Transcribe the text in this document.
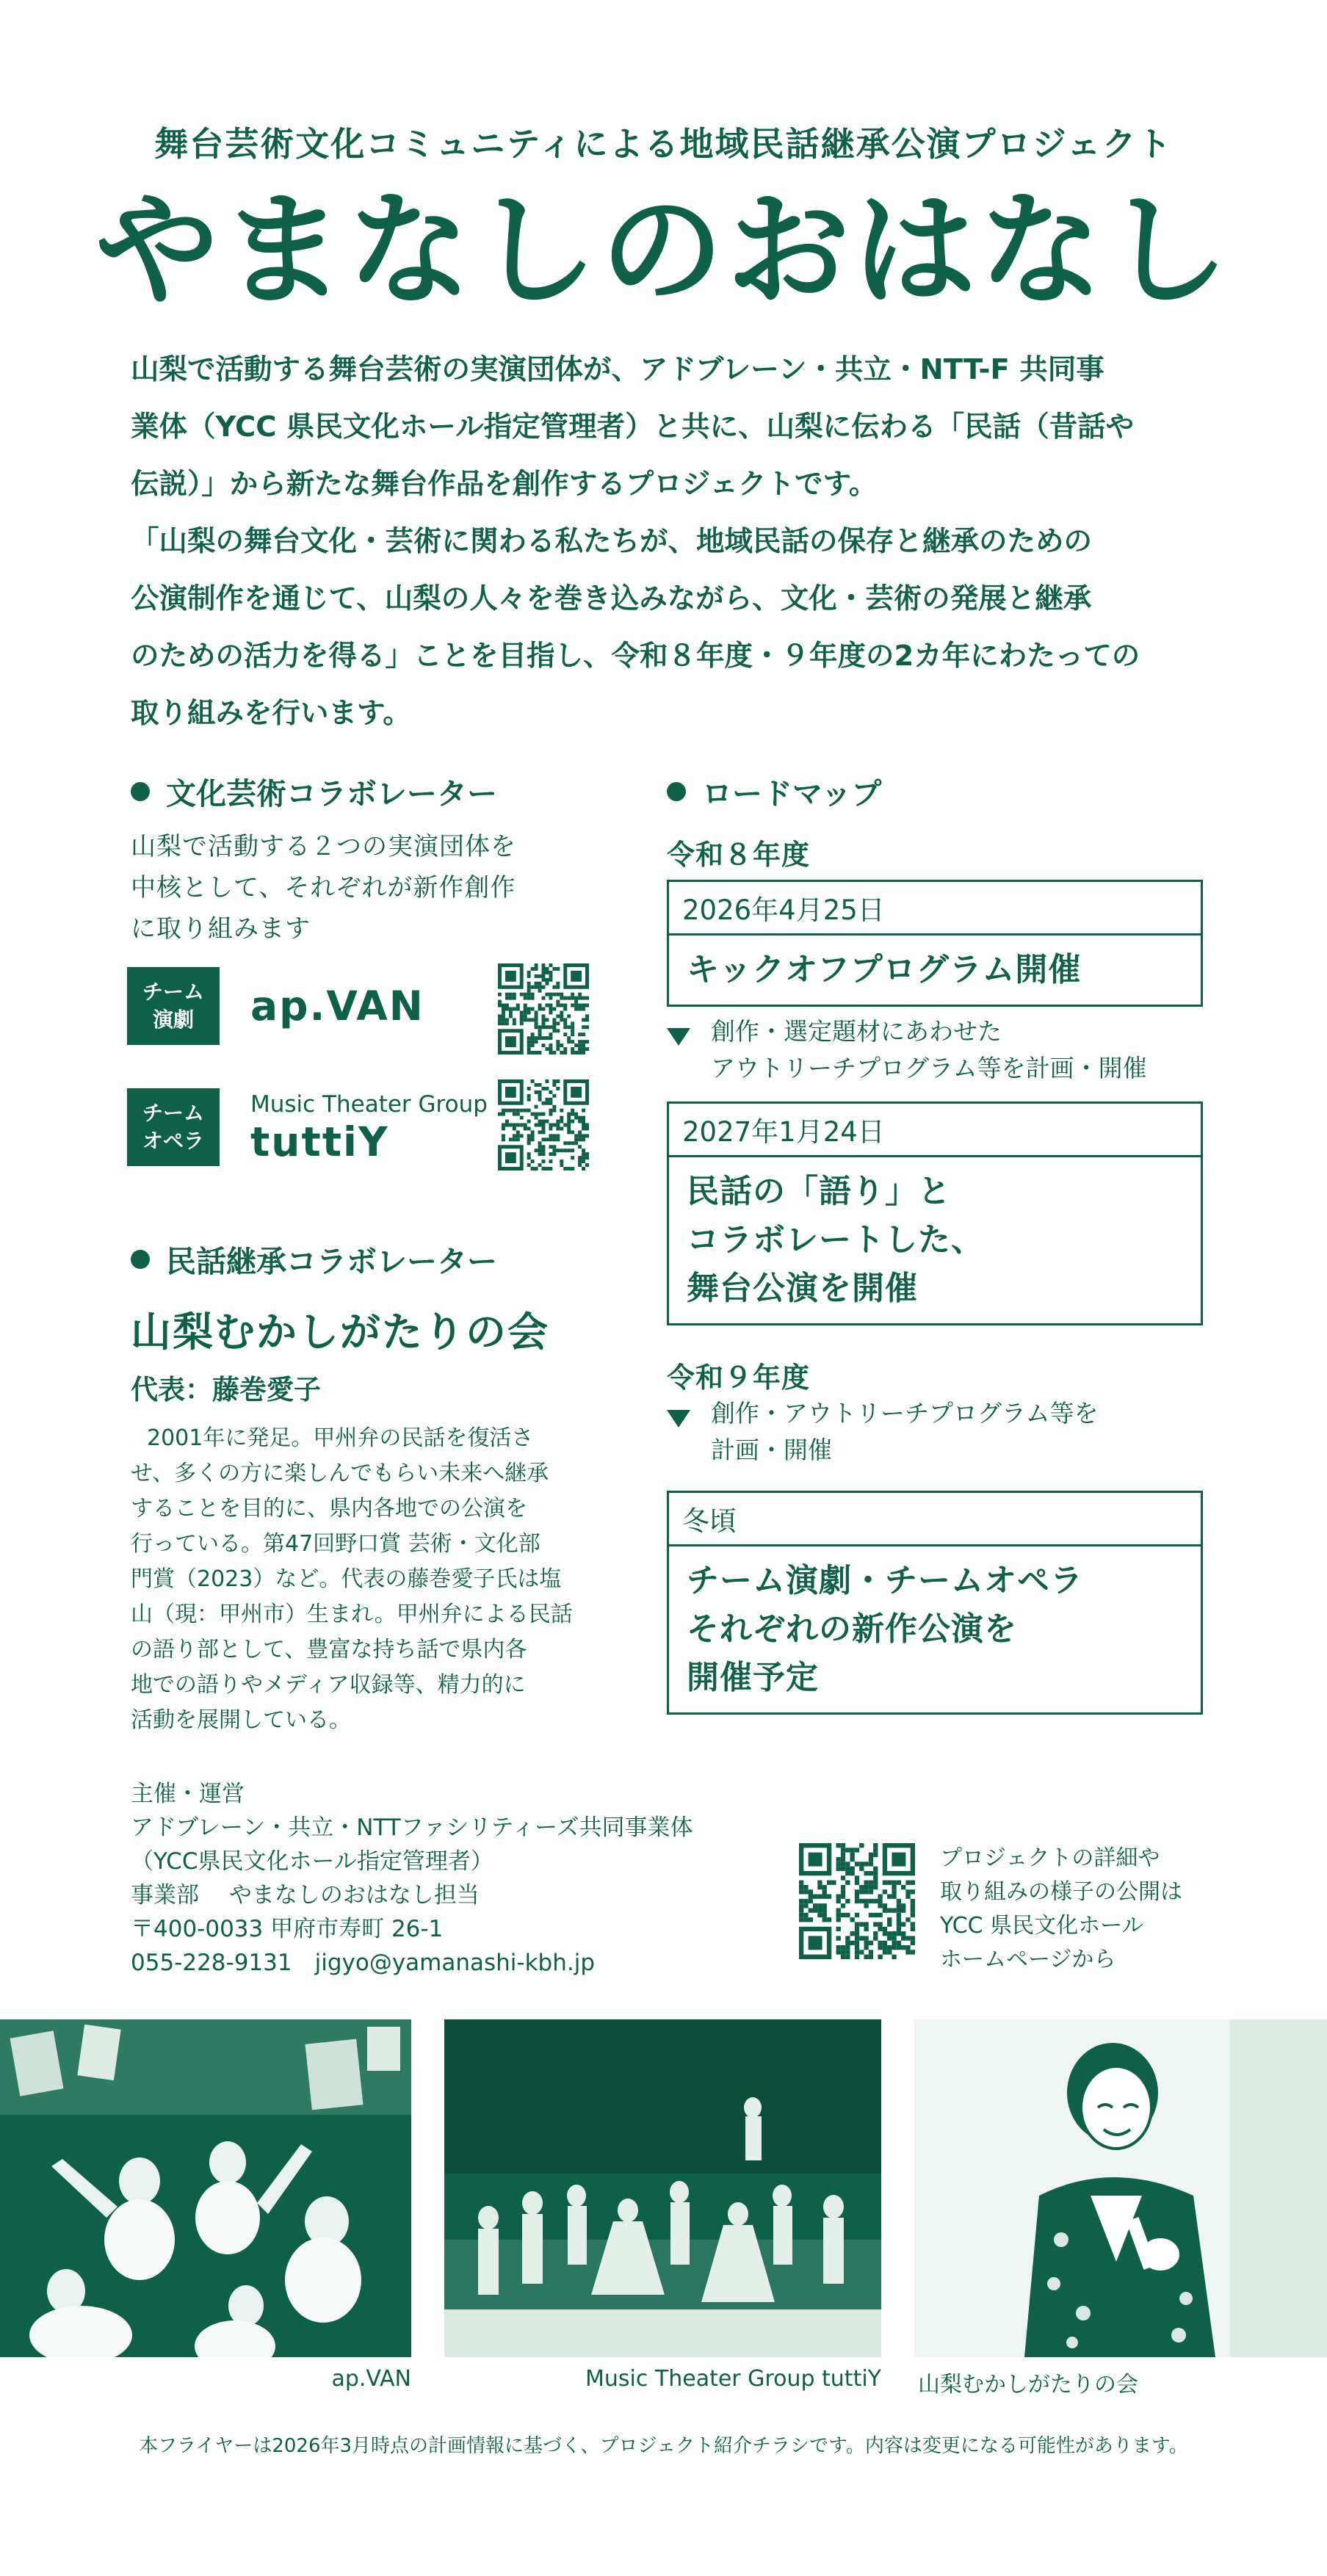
舞台芸術文化コミュニティによる地域民話継承公演プロジェクト
やまなしのおはなし
山梨で活動する舞台芸術の実演団体が、アドブレーン・共立・NTT-F 共同事
業体（YCC 県民文化ホール指定管理者）と共に、山梨に伝わる「民話（昔話や
伝説）」から新たな舞台作品を創作するプロジェクトです。
「山梨の舞台文化・芸術に関わる私たちが、地域民話の保存と継承のための
公演制作を通じて、山梨の人々を巻き込みながら、文化・芸術の発展と継承
のための活力を得る」ことを目指し、令和８年度・９年度の2カ年にわたっての
取り組みを行います。
文化芸術コラボレーター
山梨で活動する２つの実演団体を
中核として、それぞれが新作創作
に取り組みます
チーム
演劇 ap.VAN
チーム
オペラ
Music Theater Group
tuttiY
民話継承コラボレーター
山梨むかしがたりの会
代表：藤巻愛子
2001年に発足。甲州弁の民話を復活さ
せ、多くの方に楽しんでもらい未来へ継承
することを目的に、県内各地での公演を
行っている。第47回野口賞 芸術・文化部
門賞（2023）など。代表の藤巻愛子氏は塩
山（現：甲州市）生まれ。甲州弁による民話
の語り部として、豊富な持ち話で県内各
地での語りやメディア収録等、精力的に
活動を展開している。
ロードマップ
令和８年度
2026年4月25日
キックオフプログラム開催
創作・選定題材にあわせた
アウトリーチプログラム等を計画・開催
2027年1月24日
民話の「語り」と
コラボレートした、
舞台公演を開催
令和９年度
創作・アウトリーチプログラム等を
計画・開催
冬頃
チーム演劇・チームオペラ
それぞれの新作公演を
開催予定
主催・運営
アドブレーン・共立・NTTファシリティーズ共同事業体
（YCC県民文化ホール指定管理者）
事業部　 やまなしのおはなし担当
〒400-0033 甲府市寿町 26-1
055-228-9131　jigyo@yamanashi-kbh.jp
プロジェクトの詳細や
取り組みの様子の公開は
YCC 県民文化ホール
ホームページから
ap.VAN	Music Theater Group tuttiY 山梨むかしがたりの会
本フライヤーは2026年3月時点の計画情報に基づく、プロジェクト紹介チラシです。内容は変更になる可能性があります。
